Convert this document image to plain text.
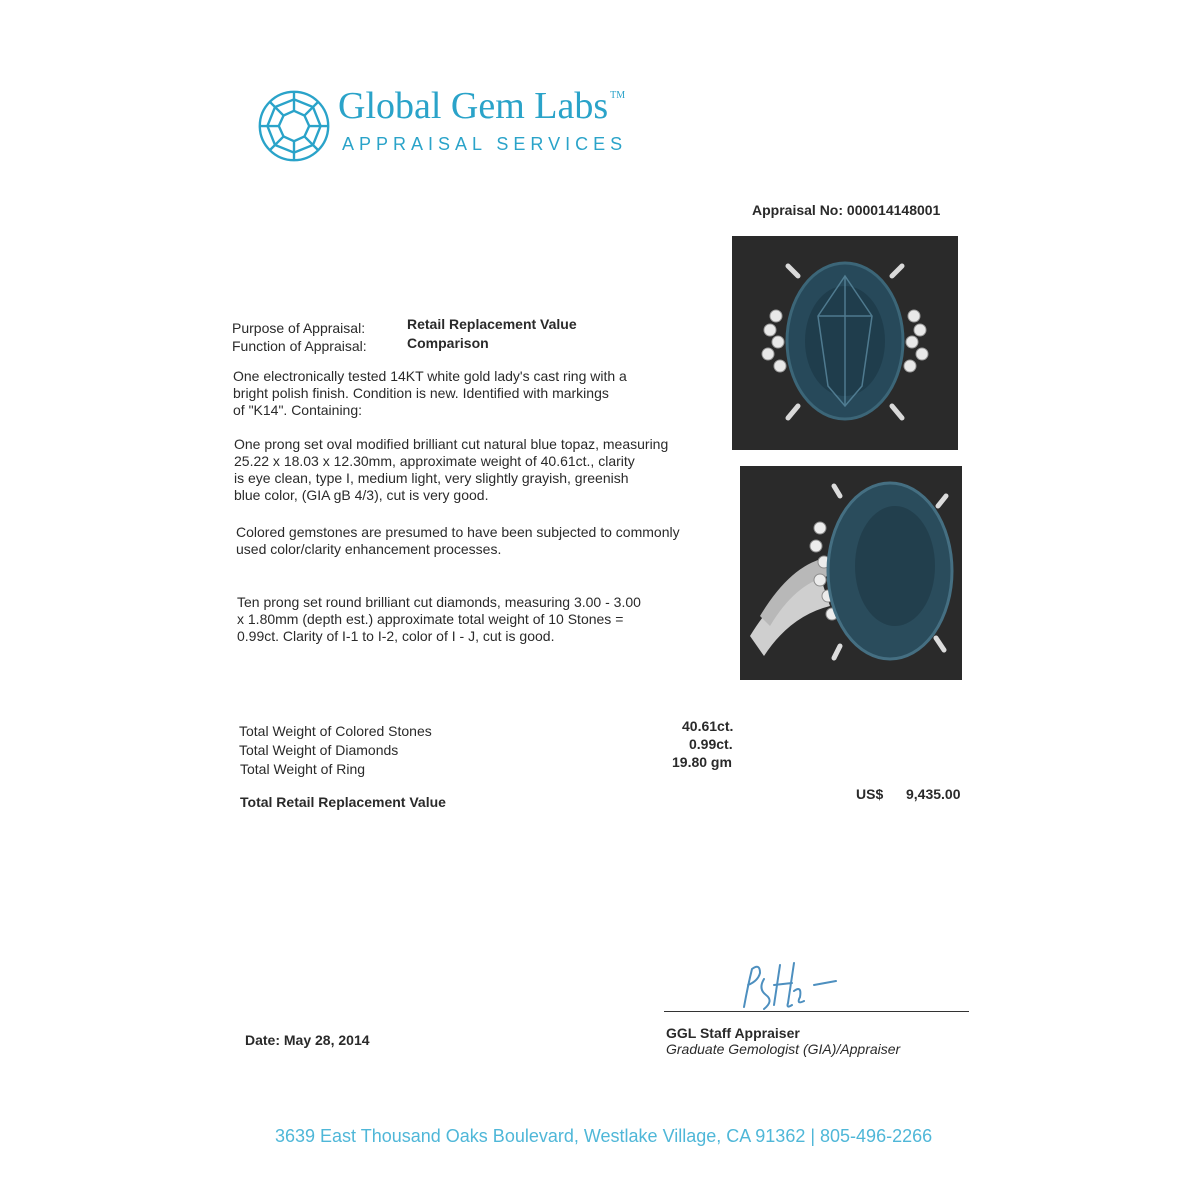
Global Gem Labs ™
APPRAISAL SERVICES
Appraisal No: 000014148001
Purpose of Appraisal:
Function of Appraisal:
Retail Replacement Value
Comparison
One electronically tested 14KT white gold lady's cast ring with a
bright polish finish. Condition is new. Identified with markings
of "K14". Containing:
One prong set oval modified brilliant cut natural blue topaz, measuring
25.22 x 18.03 x 12.30mm, approximate weight of 40.61ct., clarity
is eye clean, type I, medium light, very slightly grayish, greenish
blue color, (GIA gB 4/3), cut is very good.
Colored gemstones are presumed to have been subjected to commonly
used color/clarity enhancement processes.
Ten prong set round brilliant cut diamonds, measuring 3.00 - 3.00
x 1.80mm (depth est.) approximate total weight of 10 Stones =
0.99ct. Clarity of I-1 to I-2, color of I - J, cut is good.
Total Weight of Colored Stones
Total Weight of Diamonds
Total Weight of Ring
40.61ct.
0.99ct.
19.80 gm
Total Retail Replacement Value	US$ 9,435.00
GGL Staff Appraiser
Graduate Gemologist (GIA)/Appraiser
Date: May 28, 2014
3639 East Thousand Oaks Boulevard, Westlake Village, CA 91362 | 805-496-2266
